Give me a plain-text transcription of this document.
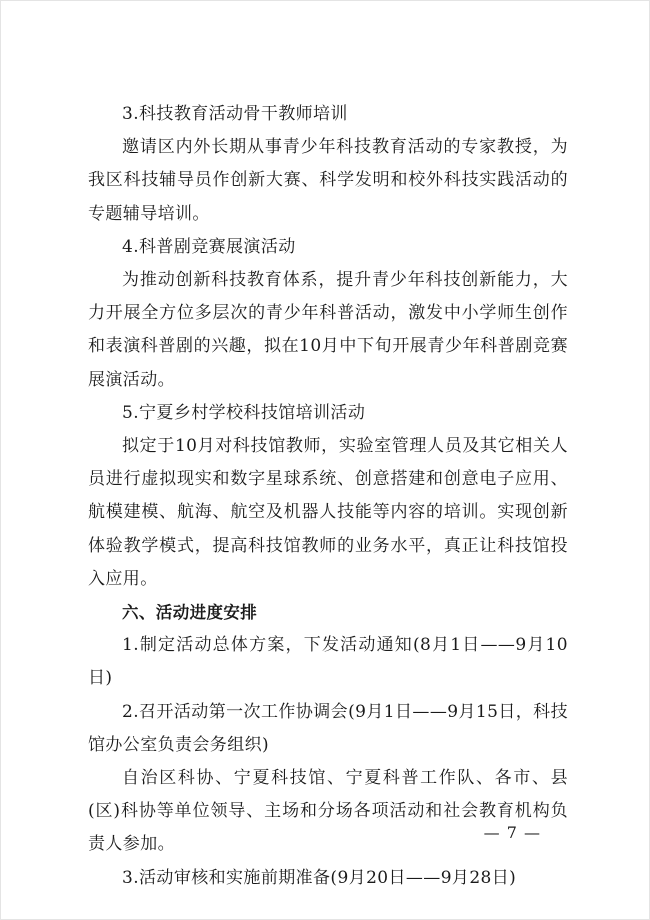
3.科技教育活动骨干教师培训

邀请区内外长期从事青少年科技教育活动的专家教授，为我区科技辅导员作创新大赛、科学发明和校外科技实践活动的专题辅导培训。

4.科普剧竞赛展演活动

为推动创新科技教育体系，提升青少年科技创新能力，大力开展全方位多层次的青少年科普活动，激发中小学师生创作和表演科普剧的兴趣，拟在10月中下旬开展青少年科普剧竞赛展演活动。

5.宁夏乡村学校科技馆培训活动

拟定于10月对科技馆教师，实验室管理人员及其它相关人员进行虚拟现实和数字星球系统、创意搭建和创意电子应用、航模建模、航海、航空及机器人技能等内容的培训。实现创新体验教学模式，提高科技馆教师的业务水平，真正让科技馆投入应用。

六、活动进度安排

1.制定活动总体方案，下发活动通知(8月1日——9月10日)

2.召开活动第一次工作协调会(9月1日——9月15日，科技馆办公室负责会务组织)

自治区科协、宁夏科技馆、宁夏科普工作队、各市、县(区)科协等单位领导、主场和分场各项活动和社会教育机构负责人参加。

3.活动审核和实施前期准备(9月20日——9月28日)

— 7 —
